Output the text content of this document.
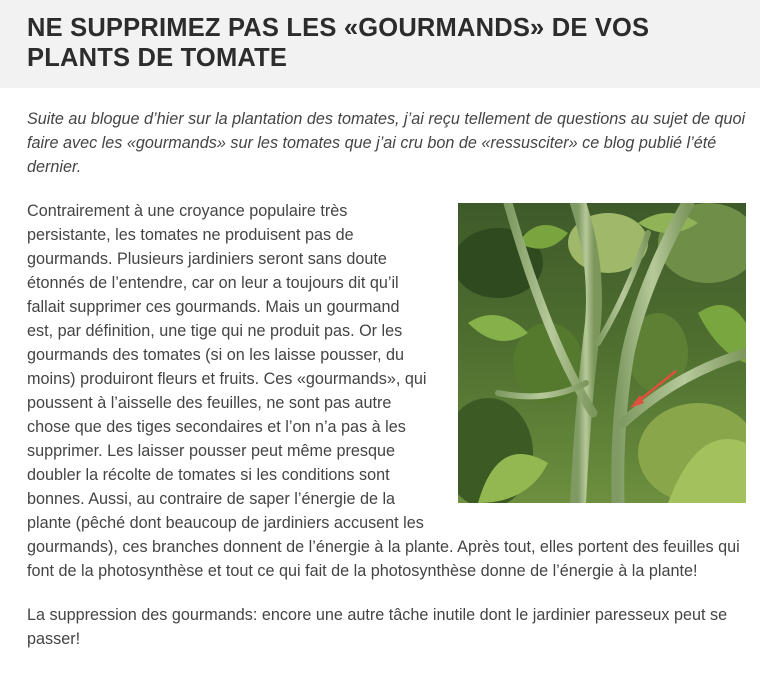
NE SUPPRIMEZ PAS LES «GOURMANDS» DE VOS PLANTS DE TOMATE

Suite au blogue d’hier sur la plantation des tomates, j’ai reçu tellement de questions au sujet de quoi faire avec les «gourmands» sur les tomates que j’ai cru bon de «ressusciter» ce blog publié l’été dernier.

Contrairement à une croyance populaire très persistante, les tomates ne produisent pas de gourmands. Plusieurs jardiniers seront sans doute étonnés de l’entendre, car on leur a toujours dit qu’il fallait supprimer ces gourmands. Mais un gourmand est, par définition, une tige qui ne produit pas. Or les gourmands des tomates (si on les laisse pousser, du moins) produiront fleurs et fruits. Ces «gourmands», qui poussent à l’aisselle des feuilles, ne sont pas autre chose que des tiges secondaires et l’on n’a pas à les supprimer. Les laisser pousser peut même presque doubler la récolte de tomates si les conditions sont bonnes. Aussi, au contraire de saper l’énergie de la plante (pêché dont beaucoup de jardiniers accusent les gourmands), ces branches donnent de l’énergie à la plante. Après tout, elles portent des feuilles qui font de la photosynthèse et tout ce qui fait de la photosynthèse donne de l’énergie à la plante!

La suppression des gourmands: encore une autre tâche inutile dont le jardinier paresseux peut se passer!
